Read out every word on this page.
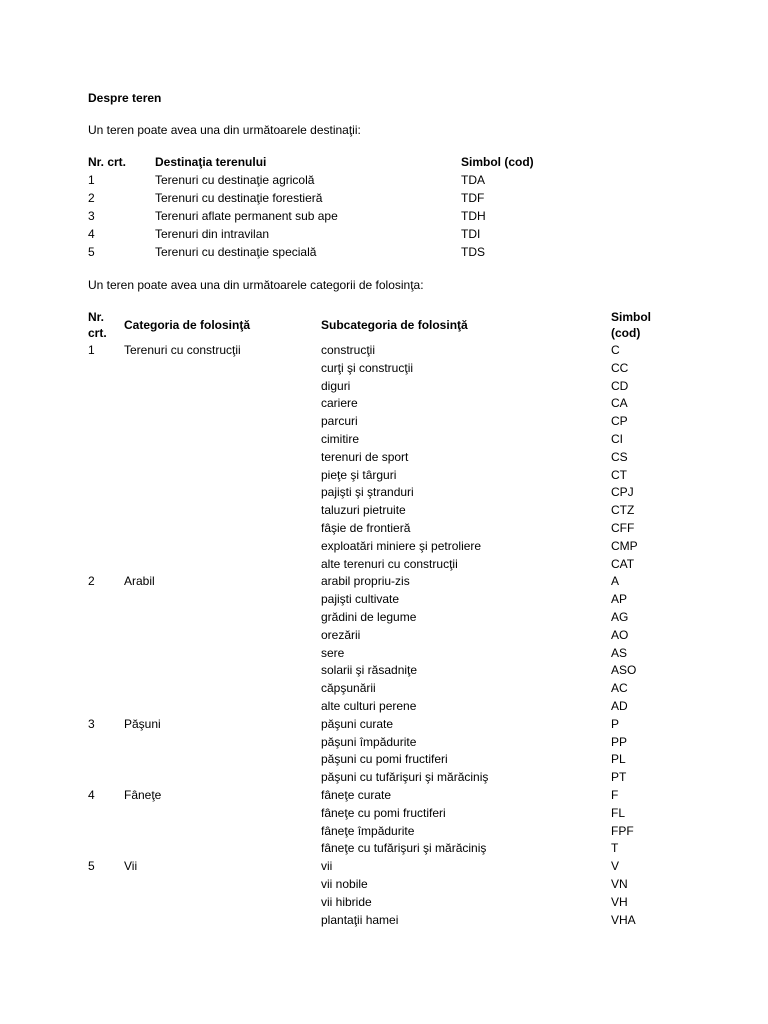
Despre teren
Un teren poate avea una din următoarele destinaţii:
Nr. crt. Destinaţia terenului	Simbol (cod)
1	Terenuri cu destinaţie agricolă	TDA
2	Terenuri cu destinaţie forestieră	TDF
3	Terenuri aflate permanent sub ape	TDH
4	Terenuri din intravilan	TDI
5	Terenuri cu destinaţie specială	TDS
Un teren poate avea una din următoarele categorii de folosinţa:
Nr.
crt.
Categoria de folosinţă	Subcategoria de folosinţă
Simbol
(cod)
1 Terenuri cu construcţii	construcţii	C
curţi şi construcţii	CC
diguri	CD
cariere	CA
parcuri	CP
cimitire	CI
terenuri de sport	CS
pieţe şi târguri	CT
pajişti şi ştranduri	CPJ
taluzuri pietruite	CTZ
fâşie de frontieră	CFF
exploatări miniere şi petroliere	CMP
alte terenuri cu construcţii	CAT
2 Arabil	arabil propriu-zis	A
pajişti cultivate	AP
grădini de legume	AG
orezării	AO
sere	AS
solarii şi răsadniţe	ASO
căpşunării	AC
alte culturi perene	AD
3 Păşuni	păşuni curate	P
păşuni împădurite	PP
păşuni cu pomi fructiferi	PL
păşuni cu tufărişuri şi mărăciniş	PT
4 Fâneţe	fâneţe curate	F
fâneţe cu pomi fructiferi	FL
fâneţe împădurite	FPF
fâneţe cu tufărişuri şi mărăciniş	T
5 Vii	vii	V
vii nobile	VN
vii hibride	VH
plantaţii hamei	VHA
